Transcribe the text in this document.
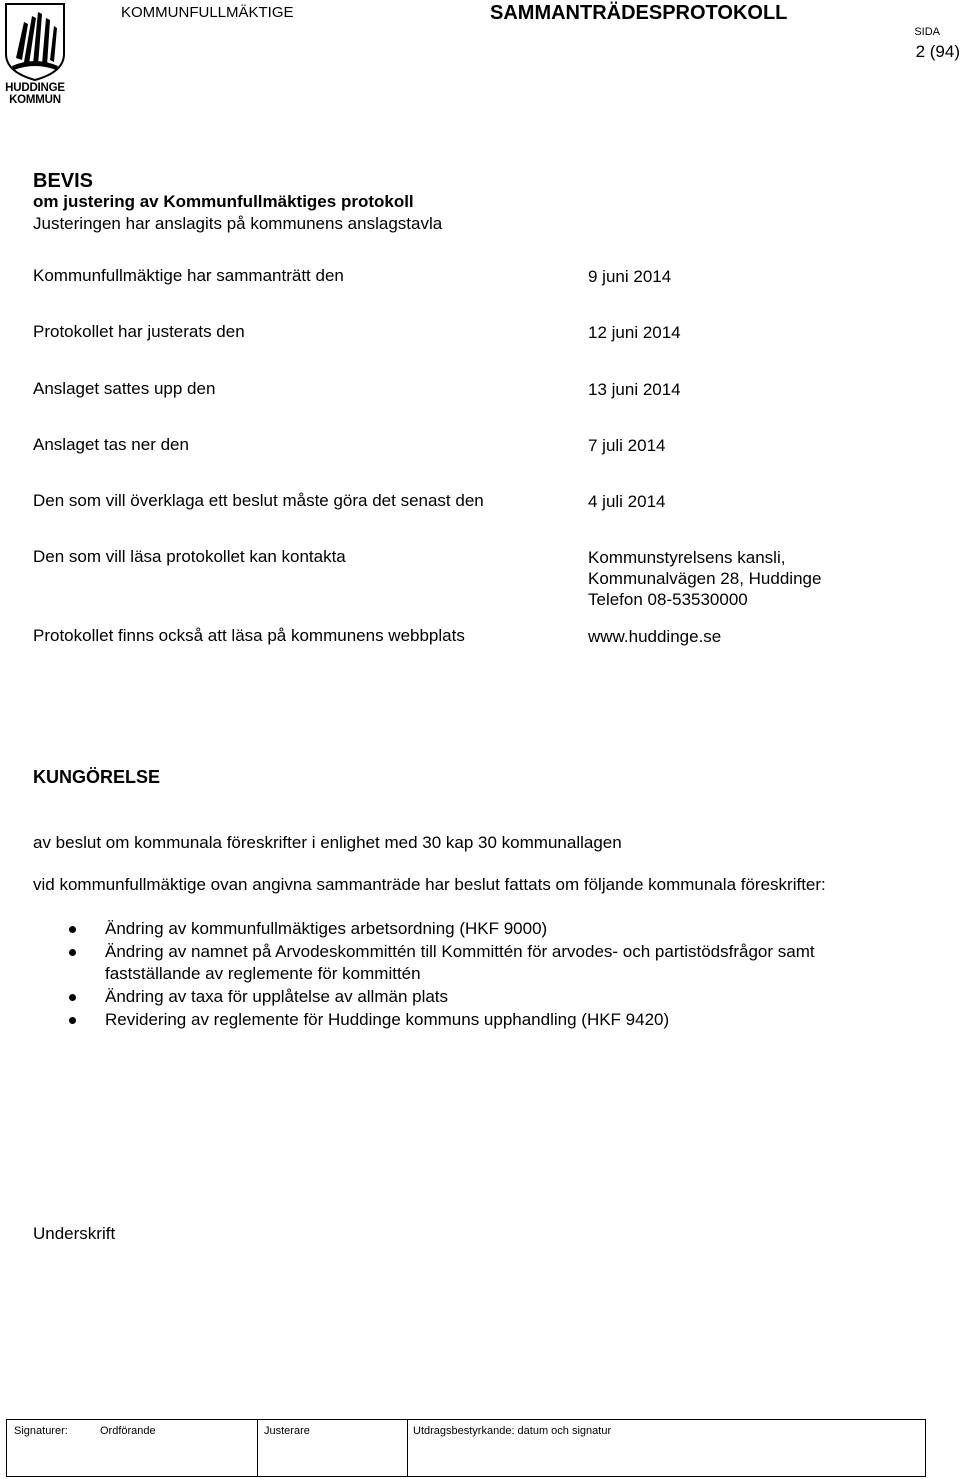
HUDDINGE
KOMMUN
KOMMUNFULLMÄKTIGE	SAMMANTRÄDESPROTOKOLL
SIDA
2 (94)
BEVIS
om justering av Kommunfullmäktiges protokoll
Justeringen har anslagits på kommunens anslagstavla
Kommunfullmäktige har sammanträtt den	9 juni 2014
Protokollet har justerats den	12 juni 2014
Anslaget sattes upp den	13 juni 2014
Anslaget tas ner den	7 juli 2014
Den som vill överklaga ett beslut måste göra det senast den	4 juli 2014
Den som vill läsa protokollet kan kontakta	Kommunstyrelsens kansli,
Kommunalvägen 28, Huddinge
Telefon 08-53530000
Protokollet finns också att läsa på kommunens webbplats	www.huddinge.se
KUNGÖRELSE
av beslut om kommunala föreskrifter i enlighet med 30 kap 30 kommunallagen
vid kommunfullmäktige ovan angivna sammanträde har beslut fattats om följande kommunala föreskrifter:
Ändring av kommunfullmäktiges arbetsordning (HKF 9000)
Ändring av namnet på Arvodeskommittén till Kommittén för arvodes- och partistödsfrågor samt
fastställande av reglemente för kommittén
Ändring av taxa för upplåtelse av allmän plats
Revidering av reglemente för Huddinge kommuns upphandling (HKF 9420)
Underskrift
Signaturer:	Ordförande	Justerare	Utdragsbestyrkande: datum och signatur
